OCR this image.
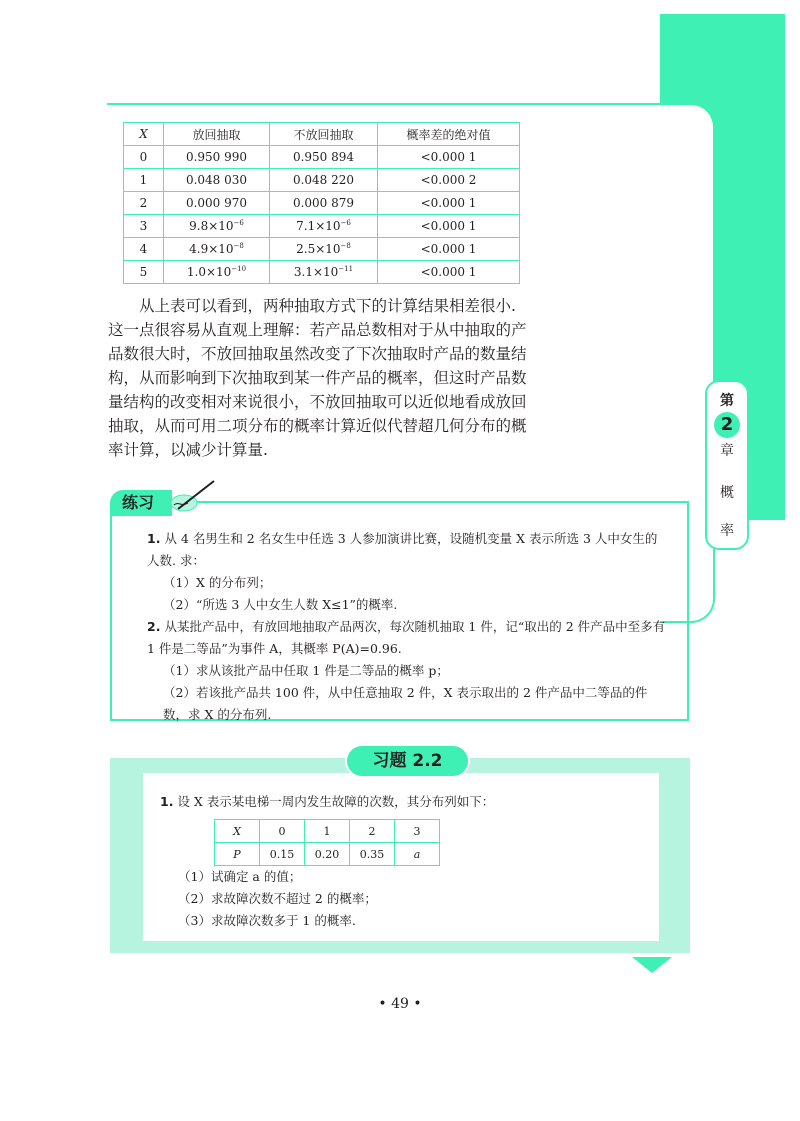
第
2
章
概
率
X	放回抽取	不放回抽取	概率差的绝对值
0	0.950 990	0.950 894	<0.000 1
1	0.048 030	0.048 220	<0.000 2
2	0.000 970	0.000 879	<0.000 1
3	$9.8\times 10^{-6}$	$7.1\times 10^{-6}$	<0.000 1
4	$4.9\times 10^{-8}$	$2.5\times 10^{-8}$	<0.000 1
5	$1.0\times 10^{-10}$	$3.1\times 10^{-11}$	<0.000 1

从上表可以看到，两种抽取方式下的计算结果相差很小. 这一点很容易从直观上理解：若产品总数相对于从中抽取的产品数很大时，不放回抽取虽然改变了下次抽取时产品的数量结构，从而影响到下次抽取到某一件产品的概率，但这时产品数量结构的改变相对来说很小，不放回抽取可以近似地看成放回抽取，从而可用二项分布的概率计算近似代替超几何分布的概率计算，以减少计算量.

练习
1. 从 4 名男生和 2 名女生中任选 3 人参加演讲比赛，设随机变量 X 表示所选 3 人中女生的人数. 求：
（1）X 的分布列；
（2）“所选 3 人中女生人数 X≤1”的概率.
2. 从某批产品中，有放回地抽取产品两次，每次随机抽取 1 件，记“取出的 2 件产品中至多有 1 件是二等品”为事件 A，其概率 P(A)=0.96.
（1）求从该批产品中任取 1 件是二等品的概率 p；
（2）若该批产品共 100 件，从中任意抽取 2 件，X 表示取出的 2 件产品中二等品的件数，求 X 的分布列.
习题 2.2
1. 设 X 表示某电梯一周内发生故障的次数，其分布列如下：
（1）试确定 a 的值；
（2）求故障次数不超过 2 的概率；
（3）求故障次数多于 1 的概率.
X	0	1	2	3
P	0.15	0.20	0.35	a
• 49 •
